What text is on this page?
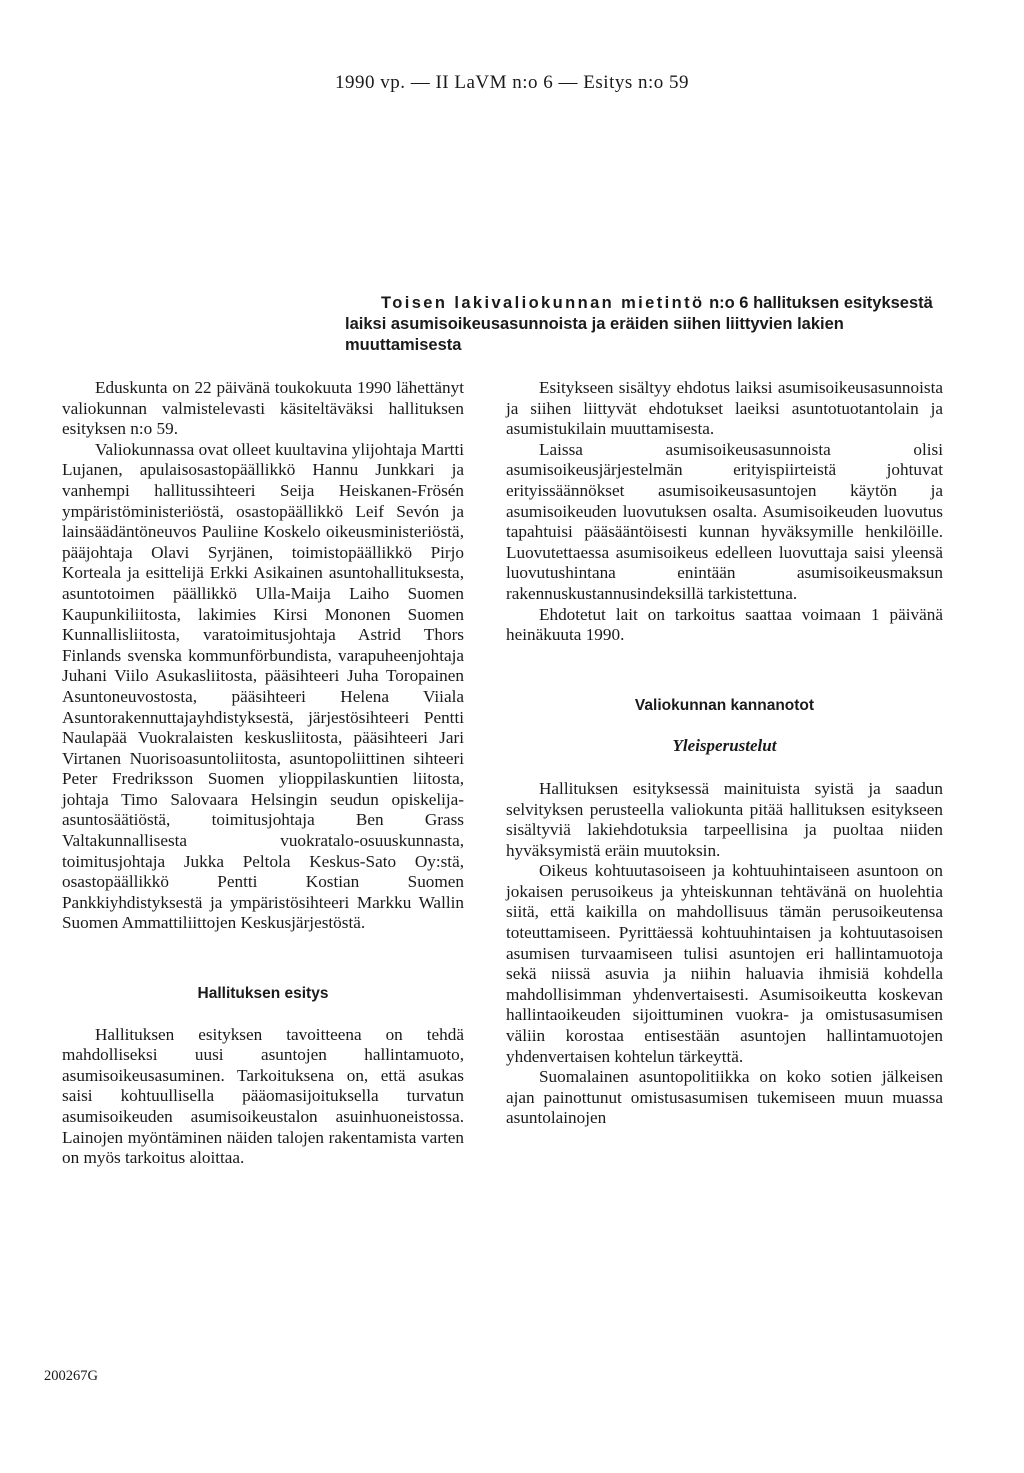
1990 vp. — II LaVM n:o 6 — Esitys n:o 59
Toisen lakivaliokunnan mietintö n:o 6 hallituksen esityksestä laiksi asumisoikeusasunnoista ja eräiden siihen liittyvien lakien muuttamisesta

Eduskunta on 22 päivänä toukokuuta 1990 lähettänyt valiokunnan valmistelevasti käsiteltäväksi hallituksen esityksen n:o 59.

Valiokunnassa ovat olleet kuultavina ylijohtaja Martti Lujanen, apulaisosastopäällikkö Hannu Junkkari ja vanhempi hallitussihteeri Seija Heiskanen-Frösén ympäristöministeriöstä, osastopäällikkö Leif Sevón ja lainsäädäntöneuvos Pauliine Koskelo oikeusministeriöstä, pääjohtaja Olavi Syrjänen, toimistopäällikkö Pirjo Korteala ja esittelijä Erkki Asikainen asuntohallituksesta, asuntotoimen päällikkö Ulla-Maija Laiho Suomen Kaupunkiliitosta, lakimies Kirsi Mononen Suomen Kunnallisliitosta, varatoimitusjohtaja Astrid Thors Finlands svenska kommunförbundista, varapuheenjohtaja Juhani Viilo Asukasliitosta, pääsihteeri Juha Toropainen Asuntoneuvostosta, pääsihteeri Helena Viiala Asuntorakennuttajayhdistyksestä, järjestösihteeri Pentti Naulapää Vuokralaisten keskusliitosta, pääsihteeri Jari Virtanen Nuorisoasuntoliitosta, asuntopoliittinen sihteeri Peter Fredriksson Suomen ylioppilaskuntien liitosta, johtaja Timo Salovaara Helsingin seudun opiskelija-asuntosäätiöstä, toimitusjohtaja Ben Grass Valtakunnallisesta vuokratalo-osuuskunnasta, toimitusjohtaja Jukka Peltola Keskus-Sato Oy:stä, osastopäällikkö Pentti Kostian Suomen Pankkiyhdistyksestä ja ympäristösihteeri Markku Wallin Suomen Ammattiliittojen Keskusjärjestöstä.

Hallituksen esitys

Hallituksen esityksen tavoitteena on tehdä mahdolliseksi uusi asuntojen hallintamuoto, asumisoikeusasuminen. Tarkoituksena on, että asukas saisi kohtuullisella pääomasijoituksella turvatun asumisoikeuden asumisoikeustalon asuinhuoneistossa. Lainojen myöntäminen näiden talojen rakentamista varten on myös tarkoitus aloittaa.

Esitykseen sisältyy ehdotus laiksi asumisoikeusasunnoista ja siihen liittyvät ehdotukset laeiksi asuntotuotantolain ja asumistukilain muuttamisesta.

Laissa asumisoikeusasunnoista olisi asumisoikeusjärjestelmän erityispiirteistä johtuvat erityissäännökset asumisoikeusasuntojen käytön ja asumisoikeuden luovutuksen osalta. Asumisoikeuden luovutus tapahtuisi pääsääntöisesti kunnan hyväksymille henkilöille. Luovutettaessa asumisoikeus edelleen luovuttaja saisi yleensä luovutushintana enintään asumisoikeusmaksun rakennuskustannusindeksillä tarkistettuna.

Ehdotetut lait on tarkoitus saattaa voimaan 1 päivänä heinäkuuta 1990.

Valiokunnan kannanotot
Yleisperustelut

Hallituksen esityksessä mainituista syistä ja saadun selvityksen perusteella valiokunta pitää hallituksen esitykseen sisältyviä lakiehdotuksia tarpeellisina ja puoltaa niiden hyväksymistä eräin muutoksin.

Oikeus kohtuutasoiseen ja kohtuuhintaiseen asuntoon on jokaisen perusoikeus ja yhteiskunnan tehtävänä on huolehtia siitä, että kaikilla on mahdollisuus tämän perusoikeutensa toteuttamiseen. Pyrittäessä kohtuuhintaisen ja kohtuutasoisen asumisen turvaamiseen tulisi asuntojen eri hallintamuotoja sekä niissä asuvia ja niihin haluavia ihmisiä kohdella mahdollisimman yhdenvertaisesti. Asumisoikeutta koskevan hallintaoikeuden sijoittuminen vuokra- ja omistusasumisen väliin korostaa entisestään asuntojen hallintamuotojen yhdenvertaisen kohtelun tärkeyttä.

Suomalainen asuntopolitiikka on koko sotien jälkeisen ajan painottunut omistusasumisen tukemiseen muun muassa asuntolainojen

200267G
